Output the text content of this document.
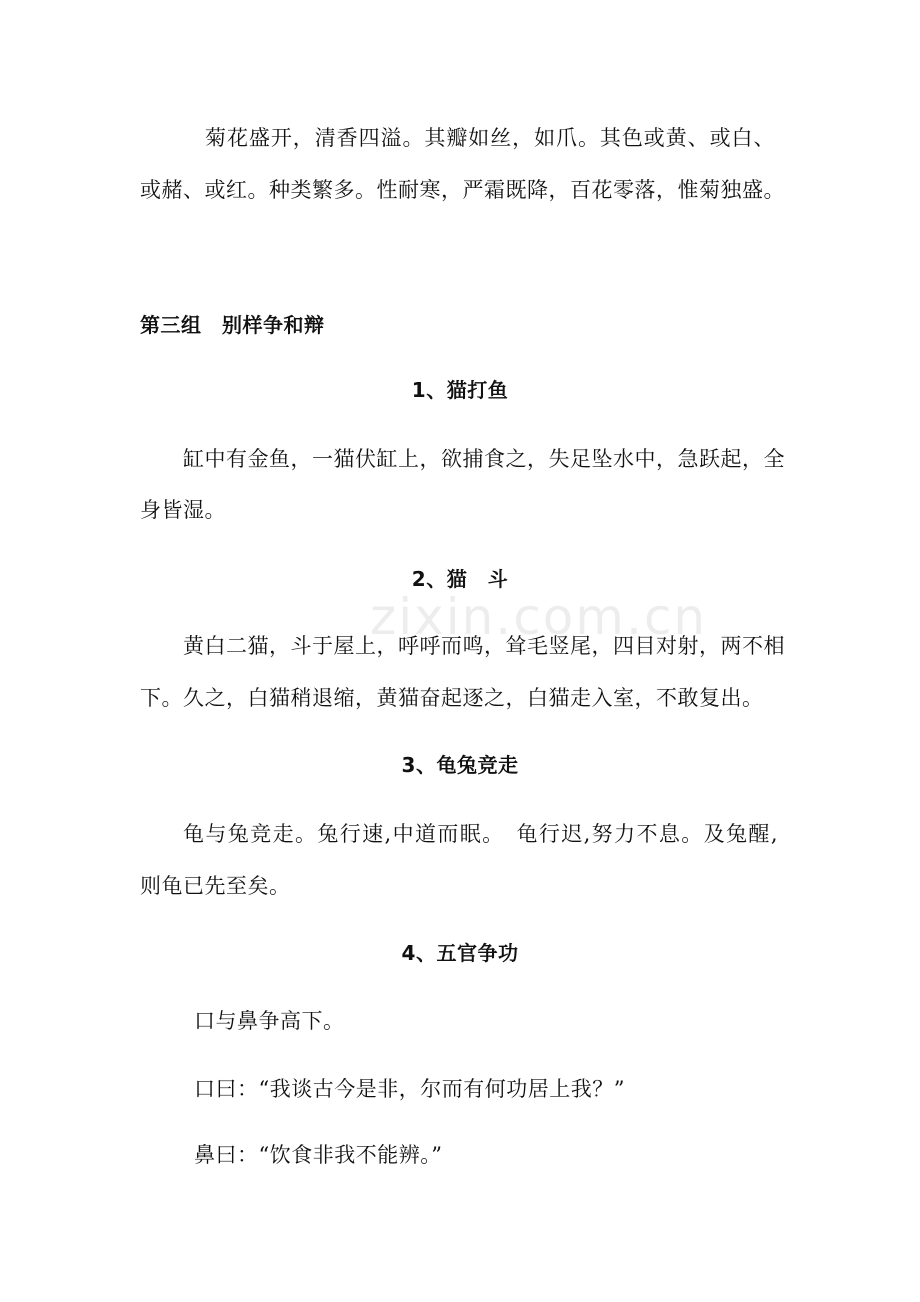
菊花盛开，清香四溢。其瓣如丝，如爪。其色或黄、或白、
或赭、或红。种类繁多。性耐寒，严霜既降，百花零落，惟菊独盛。
第三组　别样争和辩
1、猫打鱼
缸中有金鱼，一猫伏缸上，欲捕食之，失足坠水中，急跃起，全
身皆湿。
2、猫　斗
黄白二猫，斗于屋上，呼呼而鸣，耸毛竖尾，四目对射，两不相
下。久之，白猫稍退缩，黄猫奋起逐之，白猫走入室，不敢复出。
3、龟兔竞走
龟与兔竞走。兔行速,中道而眠。　龟行迟,努力不息。及兔醒,
则龟已先至矣。
4、五官争功
口与鼻争高下。
口曰：“我谈古今是非，尔而有何功居上我？”
鼻曰：“饮食非我不能辨。”
zixin.com.cn
